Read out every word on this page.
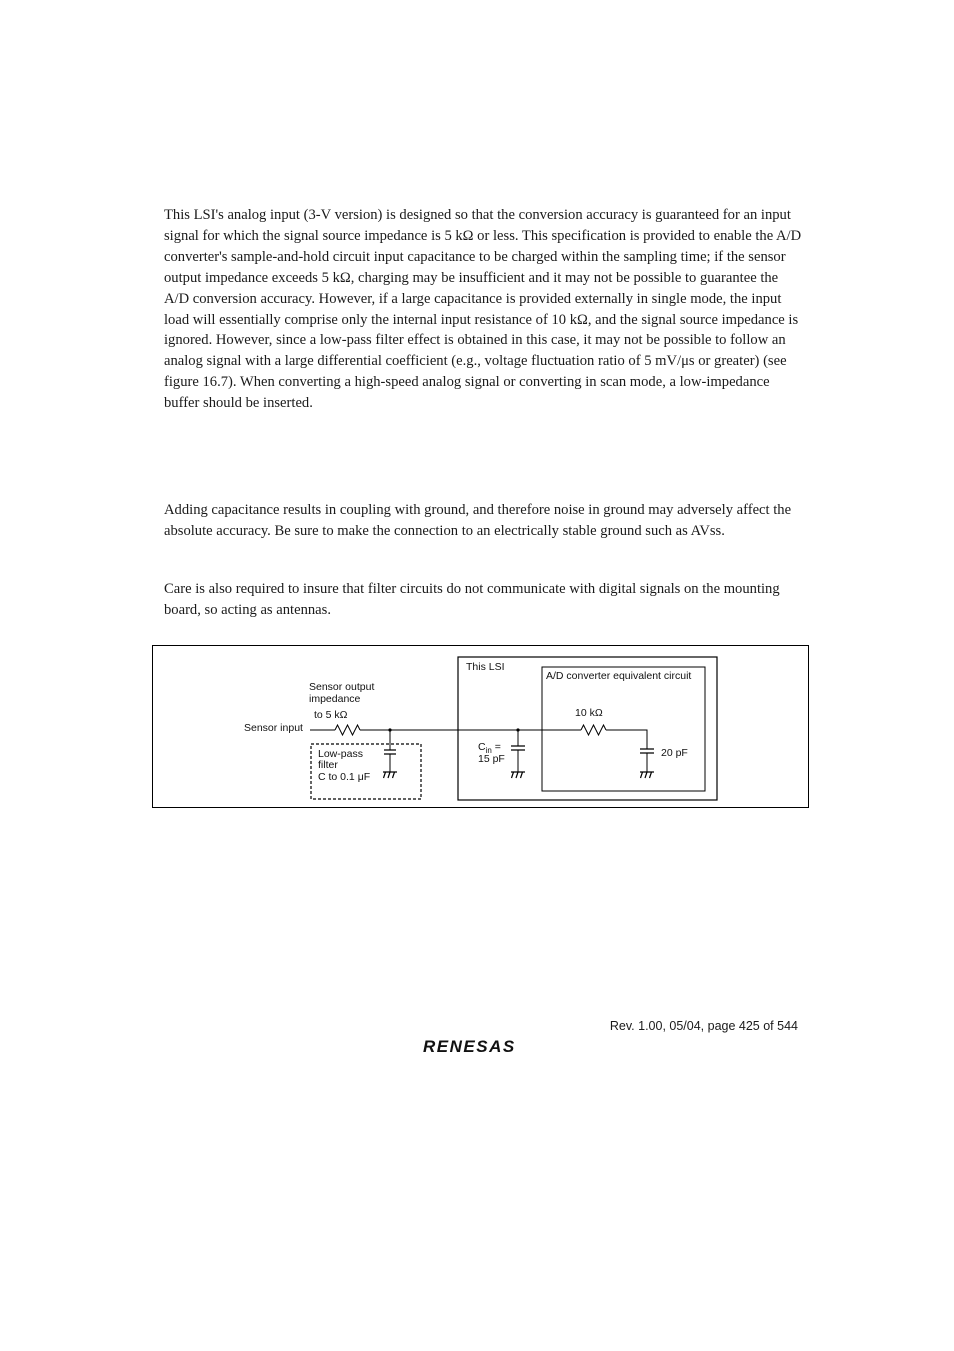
This LSI's analog input (3-V version) is designed so that the conversion accuracy is guaranteed for an input signal for which the signal source impedance is 5 kΩ or less. This specification is provided to enable the A/D converter's sample-and-hold circuit input capacitance to be charged within the sampling time; if the sensor output impedance exceeds 5 kΩ, charging may be insufficient and it may not be possible to guarantee the A/D conversion accuracy. However, if a large capacitance is provided externally in single mode, the input load will essentially comprise only the internal input resistance of 10 kΩ, and the signal source impedance is ignored. However, since a low-pass filter effect is obtained in this case, it may not be possible to follow an analog signal with a large differential coefficient (e.g., voltage fluctuation ratio of 5 mV/μs or greater) (see figure 16.7). When converting a high-speed analog signal or converting in scan mode, a low-impedance buffer should be inserted.

Adding capacitance results in coupling with ground, and therefore noise in ground may adversely affect the absolute accuracy. Be sure to make the connection to an electrically stable ground such as AVss.

Care is also required to insure that filter circuits do not communicate with digital signals on the mounting board, so acting as antennas.

Sensor output
impedance
to 5 kΩ
Sensor input
Low-pass
filter
C to 0.1 μF
This LSI
A/D converter equivalent circuit
$C_{in}$ =
15 pF
10 kΩ
20 pF

Rev. 1.00, 05/04, page 425 of 544

RENESAS
